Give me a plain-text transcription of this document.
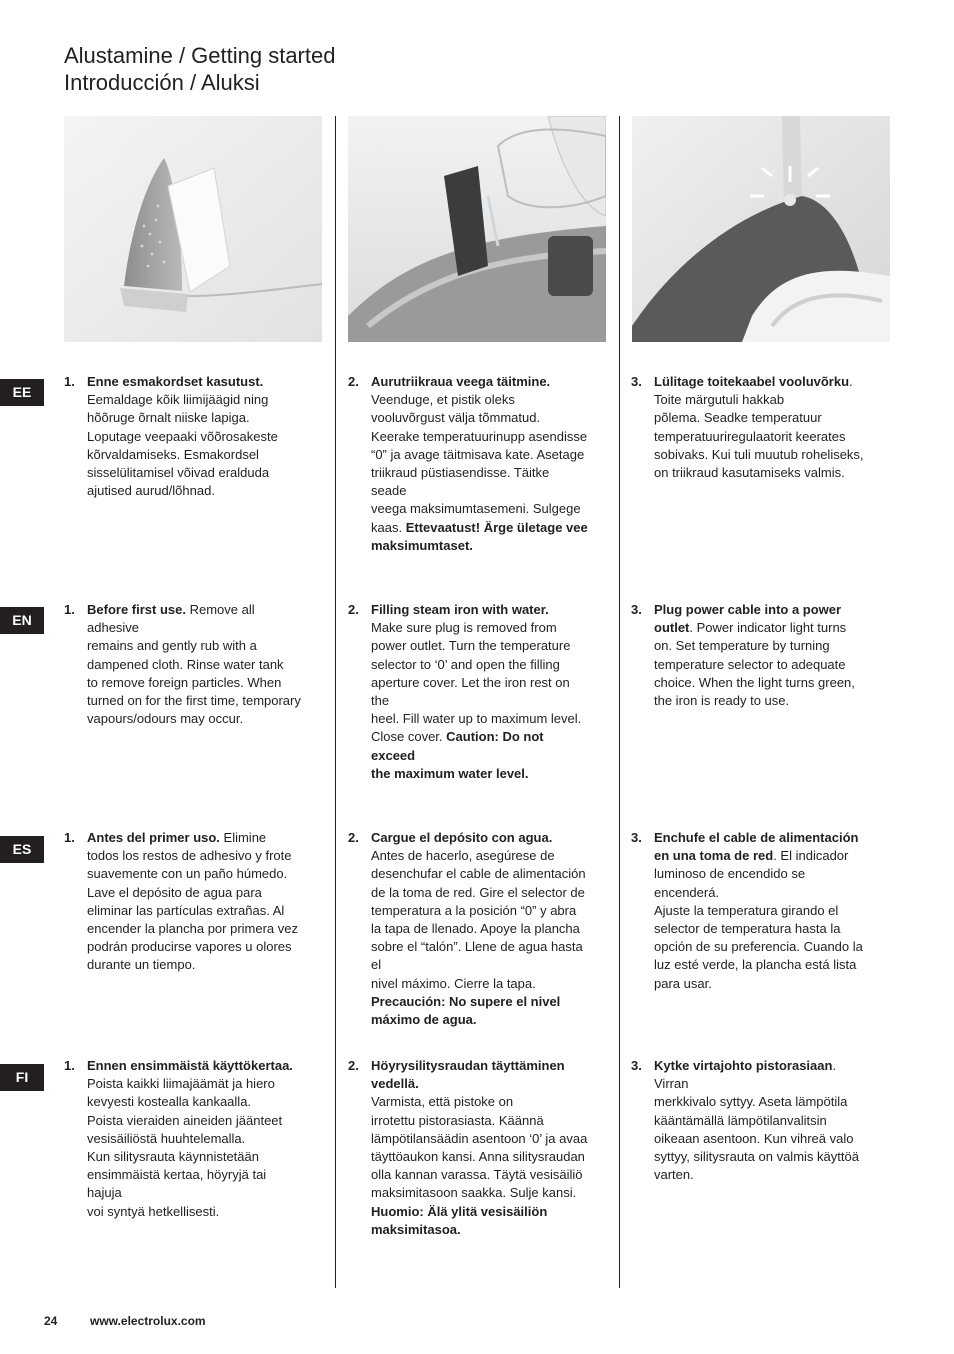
Alustamine / Getting started
Introducción / Aluksi
EE
EN
ES
FI
1. Enne esmakordset kasutust.
Eemaldage kõik liimijäägid ning
hõõruge õrnalt niiske lapiga.
Loputage veepaaki võõrosakeste
kõrvaldamiseks. Esmakordsel
sisselülitamisel võivad eralduda
ajutised aurud/lõhnad.
2. Aurutriikraua veega täitmine.
Veenduge, et pistik oleks
vooluvõrgust välja tõmmatud.
Keerake temperatuurinupp asendisse
“0” ja avage täitmisava kate. Asetage
triikraud püstiasendisse. Täitke seade
veega maksimumtasemeni. Sulgege
kaas. Ettevaatust! Ärge ületage vee
maksimumtaset.
3. Lülitage toitekaabel vooluvõrku.
Toite märgutuli hakkab
põlema. Seadke temperatuur
temperatuuriregulaatorit keerates
sobivaks. Kui tuli muutub roheliseks,
on triikraud kasutamiseks valmis.
1. Before first use. Remove all adhesive
remains and gently rub with a
dampened cloth. Rinse water tank
to remove foreign particles. When
turned on for the first time, temporary
vapours/odours may occur.
2. Filling steam iron with water.
Make sure plug is removed from
power outlet. Turn the temperature
selector to ‘0’ and open the filling
aperture cover. Let the iron rest on the
heel. Fill water up to maximum level.
Close cover. Caution: Do not exceed
the maximum water level.
3. Plug power cable into a power
outlet. Power indicator light turns
on. Set temperature by turning
temperature selector to adequate
choice. When the light turns green,
the iron is ready to use.
1. Antes del primer uso. Elimine
todos los restos de adhesivo y frote
suavemente con un paño húmedo.
Lave el depósito de agua para
eliminar las partículas extrañas. Al
encender la plancha por primera vez
podrán producirse vapores u olores
durante un tiempo.
2. Cargue el depósito con agua.
Antes de hacerlo, asegúrese de
desenchufar el cable de alimentación
de la toma de red. Gire el selector de
temperatura a la posición “0” y abra
la tapa de llenado. Apoye la plancha
sobre el “talón”. Llene de agua hasta el
nivel máximo. Cierre la tapa.
Precaución: No supere el nivel
máximo de agua.
3. Enchufe el cable de alimentación
en una toma de red. El indicador
luminoso de encendido se encenderá.
Ajuste la temperatura girando el
selector de temperatura hasta la
opción de su preferencia. Cuando la
luz esté verde, la plancha está lista
para usar.
1. Ennen ensimmäistä käyttökertaa.
Poista kaikki liimajäämät ja hiero
kevyesti kostealla kankaalla.
Poista vieraiden aineiden jäänteet
vesisäiliöstä huuhtelemalla.
Kun silitysrauta käynnistetään
ensimmäistä kertaa, höyryjä tai hajuja
voi syntyä hetkellisesti.
2. Höyrysilitysraudan täyttäminen
vedellä.
Varmista, että pistoke on
irrotettu pistorasiasta. Käännä
lämpötilansäädin asentoon ‘0’ ja avaa
täyttöaukon kansi. Anna silitysraudan
olla kannan varassa. Täytä vesisäiliö
maksimitasoon saakka. Sulje kansi.
Huomio: Älä ylitä vesisäiliön
maksimitasoa.
3. Kytke virtajohto pistorasiaan. Virran
merkkivalo syttyy. Aseta lämpötila
kääntämällä lämpötilanvalitsin
oikeaan asentoon. Kun vihreä valo
syttyy, silitysrauta on valmis käyttöä
varten.
24	www.electrolux.com
